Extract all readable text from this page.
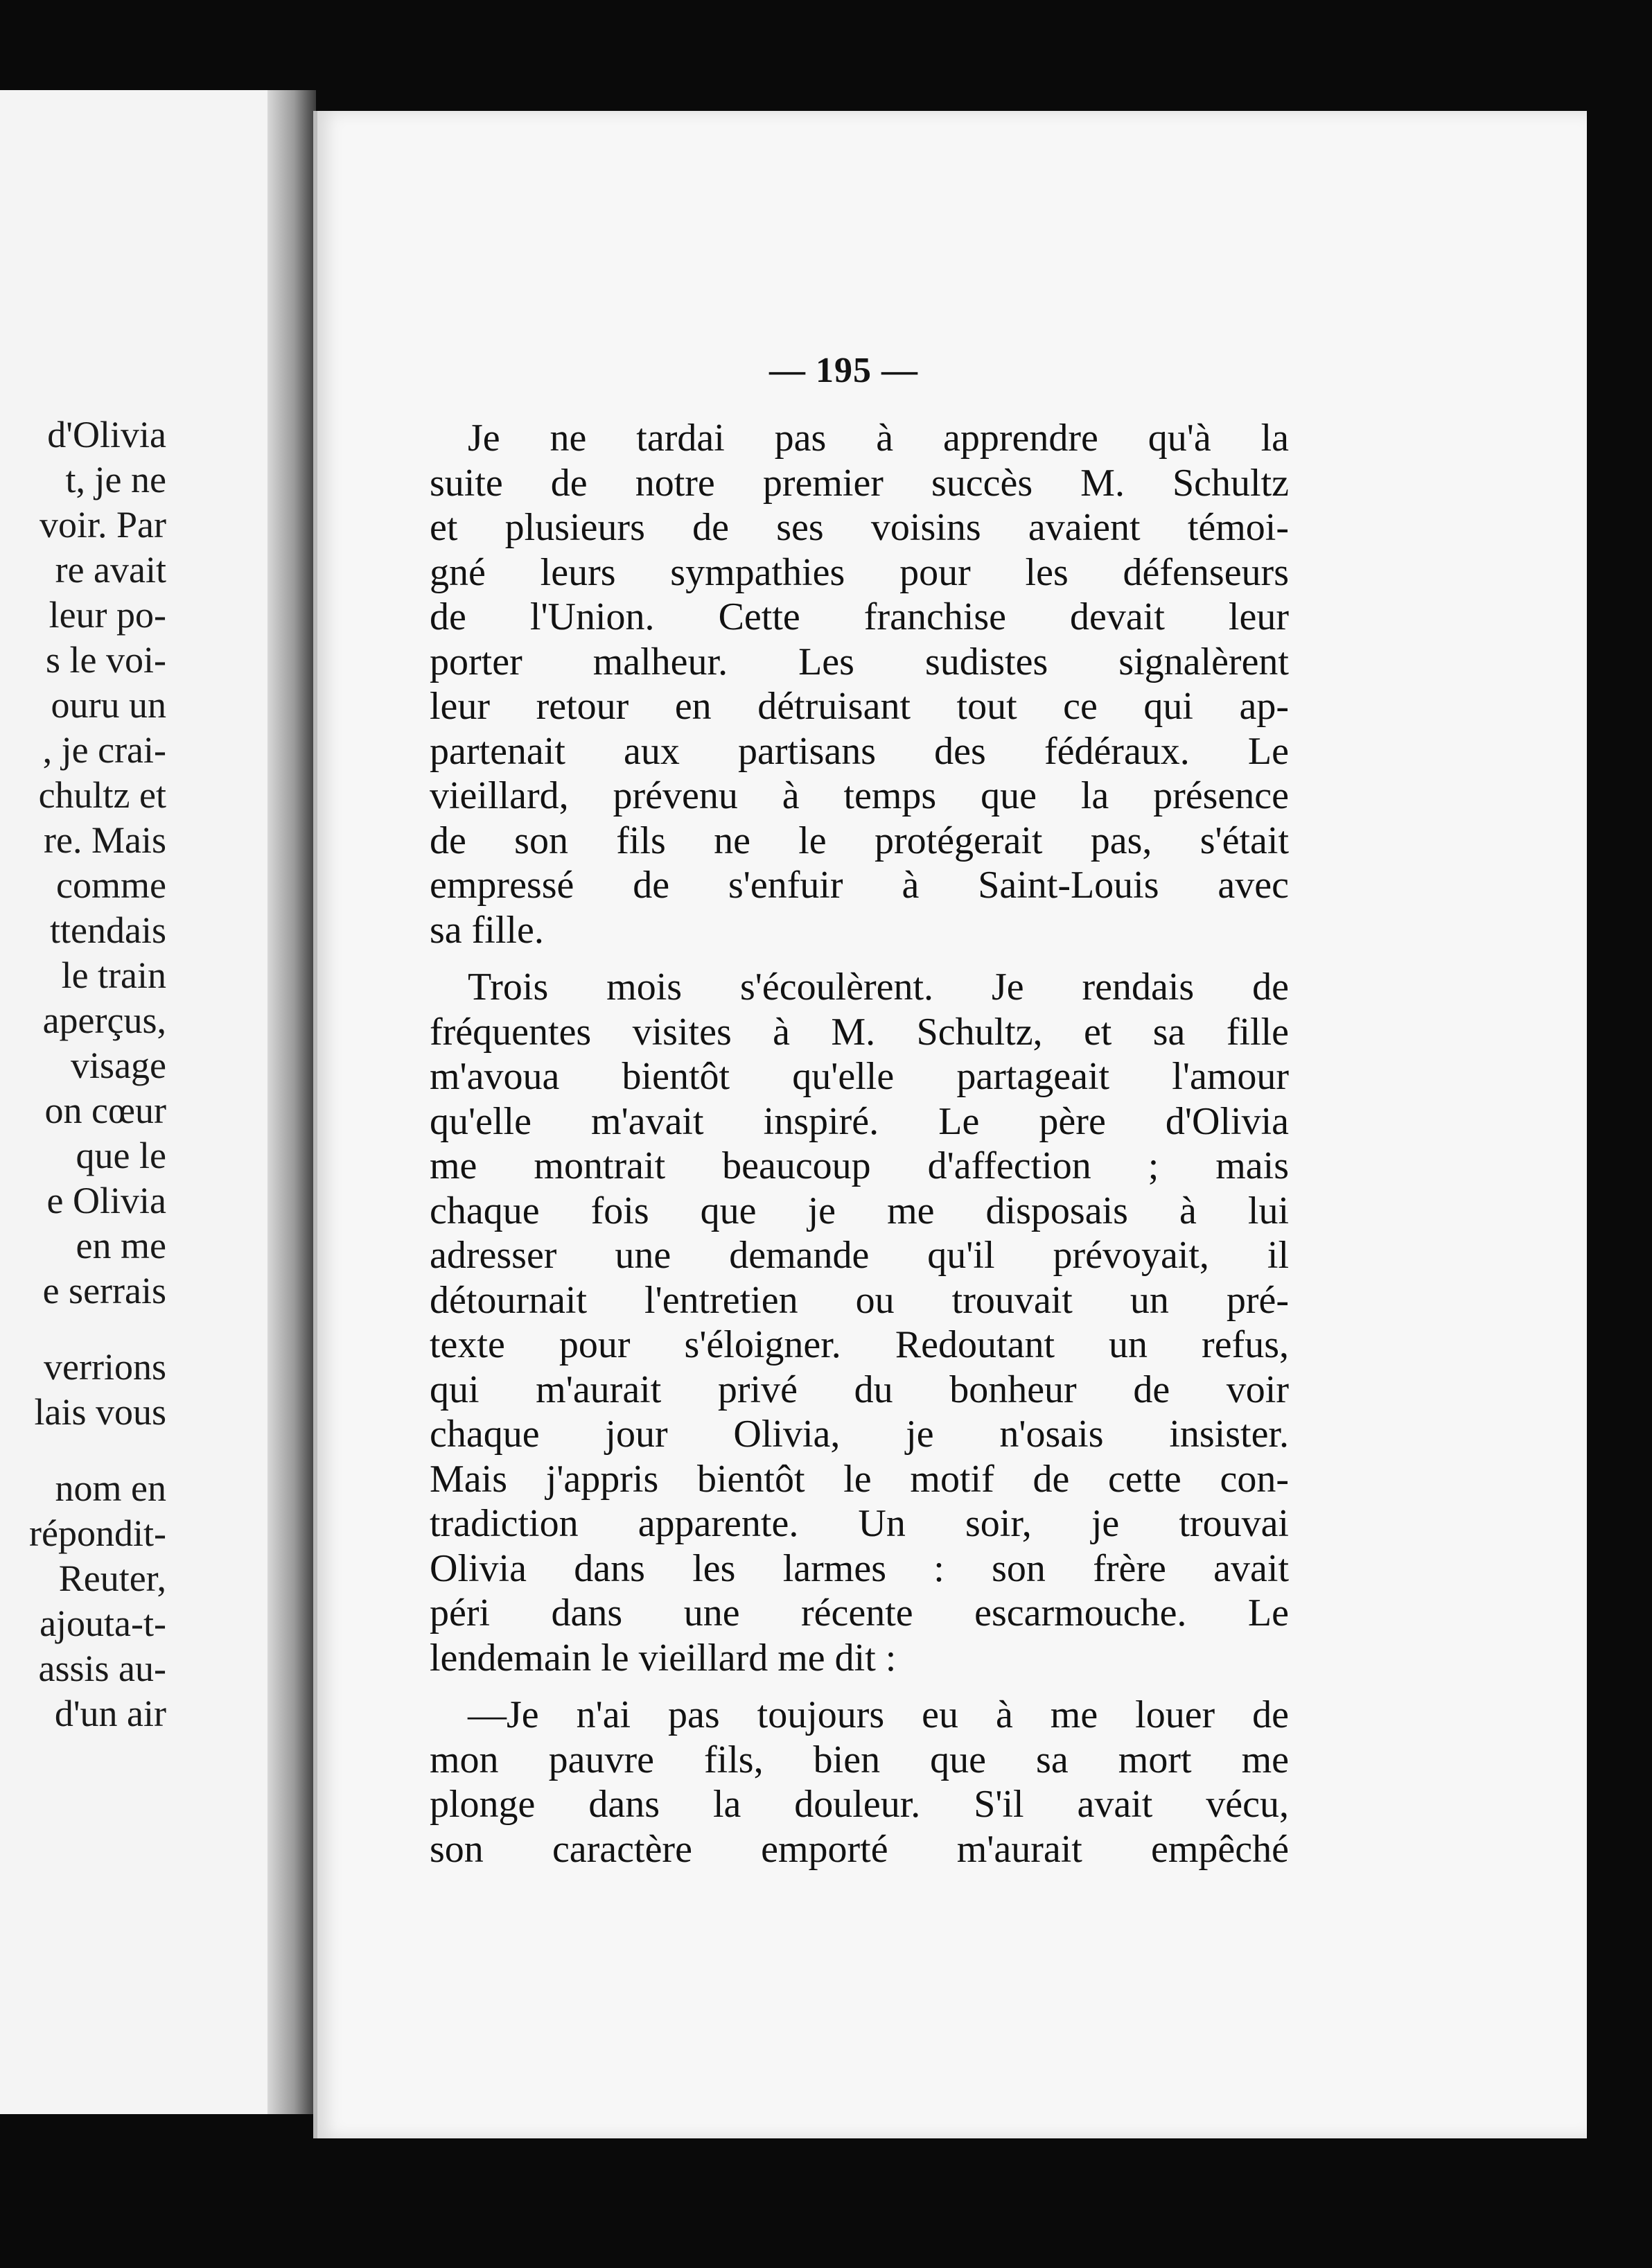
d'Olivia
t, je ne
voir. Par
re avait
leur po-
s le voi-
ouru un
, je crai-
chultz et
re. Mais
comme
ttendais
le train
aperçus,
visage
on cœur
que le
e Olivia
en me
e serrais
verrions
lais vous
nom en
répondit-
Reuter,
ajouta-t-
assis au-
d'un air
— 195 —
Je ne tardai pas à apprendre qu'à la
suite de notre premier succès M. Schultz
et plusieurs de ses voisins avaient témoi-
gné leurs sympathies pour les défenseurs
de l'Union. Cette franchise devait leur
porter malheur. Les sudistes signalèrent
leur retour en détruisant tout ce qui ap-
partenait aux partisans des fédéraux. Le
vieillard, prévenu à temps que la présence
de son fils ne le protégerait pas, s'était
empressé de s'enfuir à Saint-Louis avec
sa fille.
Trois mois s'écoulèrent. Je rendais de
fréquentes visites à M. Schultz, et sa fille
m'avoua bientôt qu'elle partageait l'amour
qu'elle m'avait inspiré. Le père d'Olivia
me montrait beaucoup d'affection ; mais
chaque fois que je me disposais à lui
adresser une demande qu'il prévoyait, il
détournait l'entretien ou trouvait un pré-
texte pour s'éloigner. Redoutant un refus,
qui m'aurait privé du bonheur de voir
chaque jour Olivia, je n'osais insister.
Mais j'appris bientôt le motif de cette con-
tradiction apparente. Un soir, je trouvai
Olivia dans les larmes : son frère avait
péri dans une récente escarmouche. Le
lendemain le vieillard me dit :
—Je n'ai pas toujours eu à me louer de
mon pauvre fils, bien que sa mort me
plonge dans la douleur. S'il avait vécu,
son caractère emporté m'aurait empêché
